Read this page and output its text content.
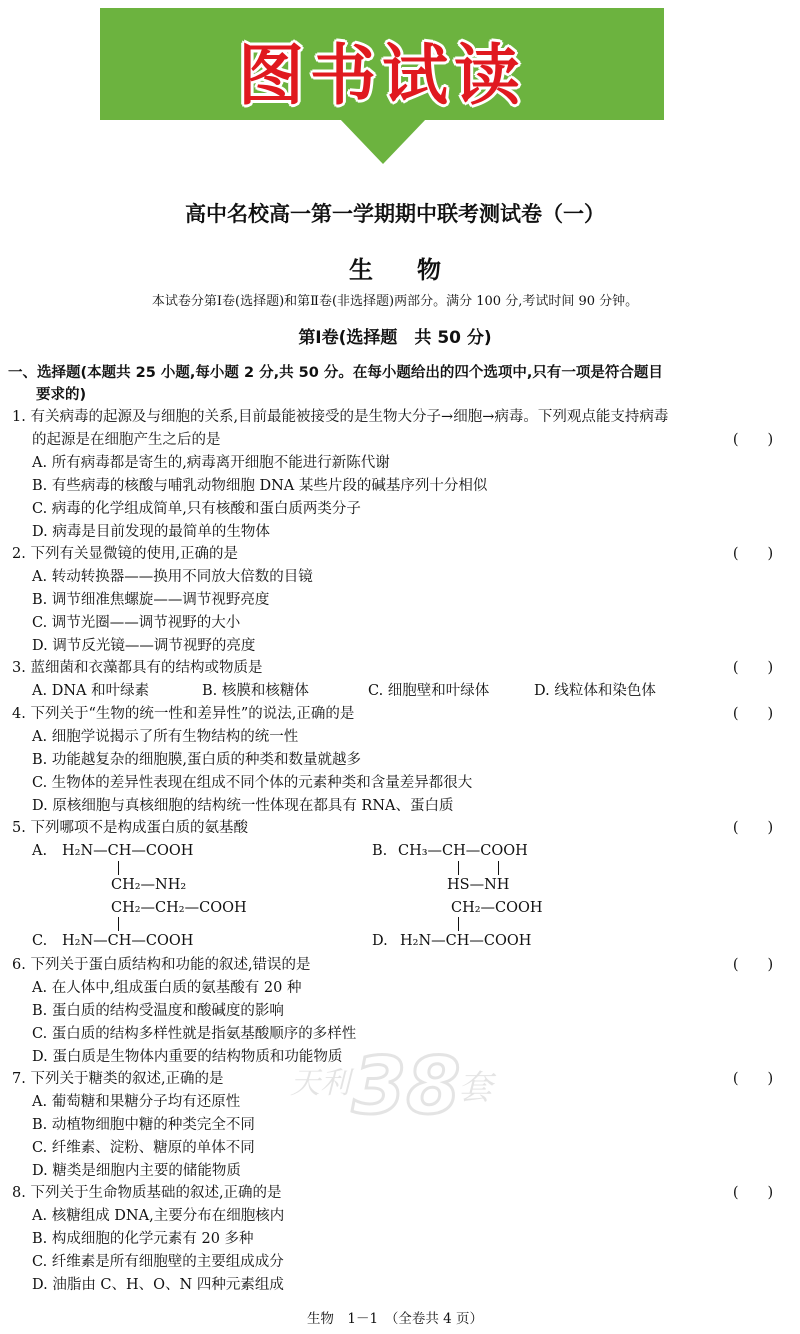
图书试读
高中名校高一第一学期期中联考测试卷（一）
生物
本试卷分第Ⅰ卷(选择题)和第Ⅱ卷(非选择题)两部分。满分 100 分,考试时间 90 分钟。
第Ⅰ卷(选择题　共 50 分)
一、选择题(本题共 25 小题,每小题 2 分,共 50 分。在每小题给出的四个选项中,只有一项是符合题目
要求的)
1. 有关病毒的起源及与细胞的关系,目前最能被接受的是生物大分子→细胞→病毒。下列观点能支持病毒
的起源是在细胞产生之后的是	(　　)
A. 所有病毒都是寄生的,病毒离开细胞不能进行新陈代谢
B. 有些病毒的核酸与哺乳动物细胞 DNA 某些片段的碱基序列十分相似
C. 病毒的化学组成简单,只有核酸和蛋白质两类分子
D. 病毒是目前发现的最简单的生物体
2. 下列有关显微镜的使用,正确的是	(　　)
A. 转动转换器——换用不同放大倍数的目镜
B. 调节细准焦螺旋——调节视野亮度
C. 调节光圈——调节视野的大小
D. 调节反光镜——调节视野的亮度
3. 蓝细菌和衣藻都具有的结构或物质是	(　　)
A. DNA 和叶绿素	B. 核膜和核糖体	C. 细胞壁和叶绿体	D. 线粒体和染色体
4. 下列关于“生物的统一性和差异性”的说法,正确的是	(　　)
A. 细胞学说揭示了所有生物结构的统一性
B. 功能越复杂的细胞膜,蛋白质的种类和数量就越多
C. 生物体的差异性表现在组成不同个体的元素种类和含量差异都很大
D. 原核细胞与真核细胞的结构统一性体现在都具有 RNA、蛋白质
5. 下列哪项不是构成蛋白质的氨基酸	(　　)
A. H₂N—CH—COOH
CH₂—NH₂
B. CH₃—CH—COOH
HS—NH
CH₂—CH₂—COOH
C. H₂N—CH—COOH
CH₂—COOH
D. H₂N—CH—COOH
6. 下列关于蛋白质结构和功能的叙述,错误的是	(　　)
A. 在人体中,组成蛋白质的氨基酸有 20 种
B. 蛋白质的结构受温度和酸碱度的影响
C. 蛋白质的结构多样性就是指氨基酸顺序的多样性
D. 蛋白质是生物体内重要的结构物质和功能物质
7. 下列关于糖类的叙述,正确的是	(　　)
A. 葡萄糖和果糖分子均有还原性
B. 动植物细胞中糖的种类完全不同
C. 纤维素、淀粉、糖原的单体不同
D. 糖类是细胞内主要的储能物质
8. 下列关于生命物质基础的叙述,正确的是	(　　)
A. 核糖组成 DNA,主要分布在细胞核内
B. 构成细胞的化学元素有 20 多种
C. 纤维素是所有细胞壁的主要组成成分
D. 油脂由 C、H、O、N 四种元素组成
天利 38
套
生物　1－1　（全卷共 4 页）
